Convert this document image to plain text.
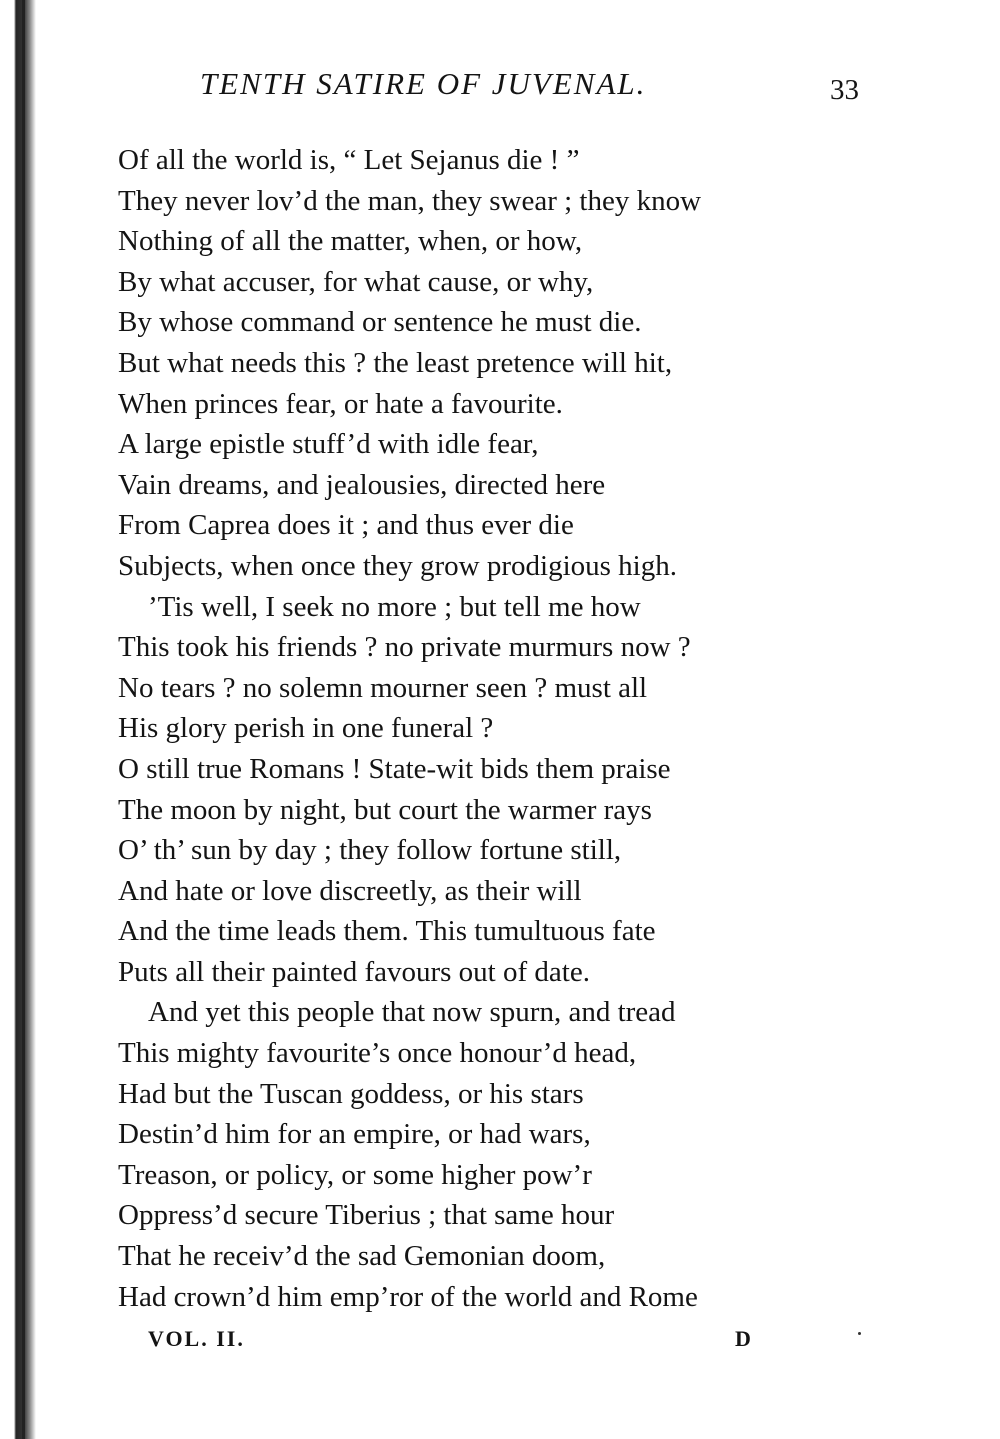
TENTH SATIRE OF JUVENAL.	33
Of all the world is, “ Let Sejanus die ! ”
They never lov’d the man, they swear ; they know
Nothing of all the matter, when, or how,
By what accuser, for what cause, or why,
By whose command or sentence he must die.
But what needs this ? the least pretence will hit,
When princes fear, or hate a favourite.
A large epistle stuff’d with idle fear,
Vain dreams, and jealousies, directed here
From Caprea does it ; and thus ever die
Subjects, when once they grow prodigious high.
’Tis well, I seek no more ; but tell me how
This took his friends ? no private murmurs now ?
No tears ? no solemn mourner seen ? must all
His glory perish in one funeral ?
O still true Romans ! State-wit bids them praise
The moon by night, but court the warmer rays
O’ th’ sun by day ; they follow fortune still,
And hate or love discreetly, as their will
And the time leads them. This tumultuous fate
Puts all their painted favours out of date.
And yet this people that now spurn, and tread
This mighty favourite’s once honour’d head,
Had but the Tuscan goddess, or his stars
Destin’d him for an empire, or had wars,
Treason, or policy, or some higher pow’r
Oppress’d secure Tiberius ; that same hour
That he receiv’d the sad Gemonian doom,
Had crown’d him emp’ror of the world and Rome
VOL. II.	D
